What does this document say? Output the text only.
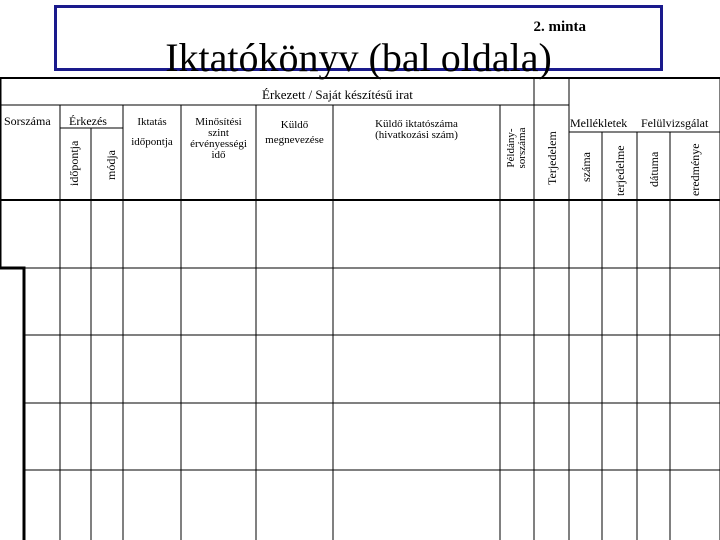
2. minta
Iktatókönyv (bal oldala)
Érkezett / Saját készítésű irat
Sorszáma Érkezés
időpontja módja
Iktatás
időpontja
Minősítési
szint
érvényességi
idő
Küldő
megnevezése
Küldő iktatószáma
(hivatkozási szám)	Példány- sorszáma Terjedelem
Mellékletek Felülvizsgálat
száma terjedelme dátuma eredménye
